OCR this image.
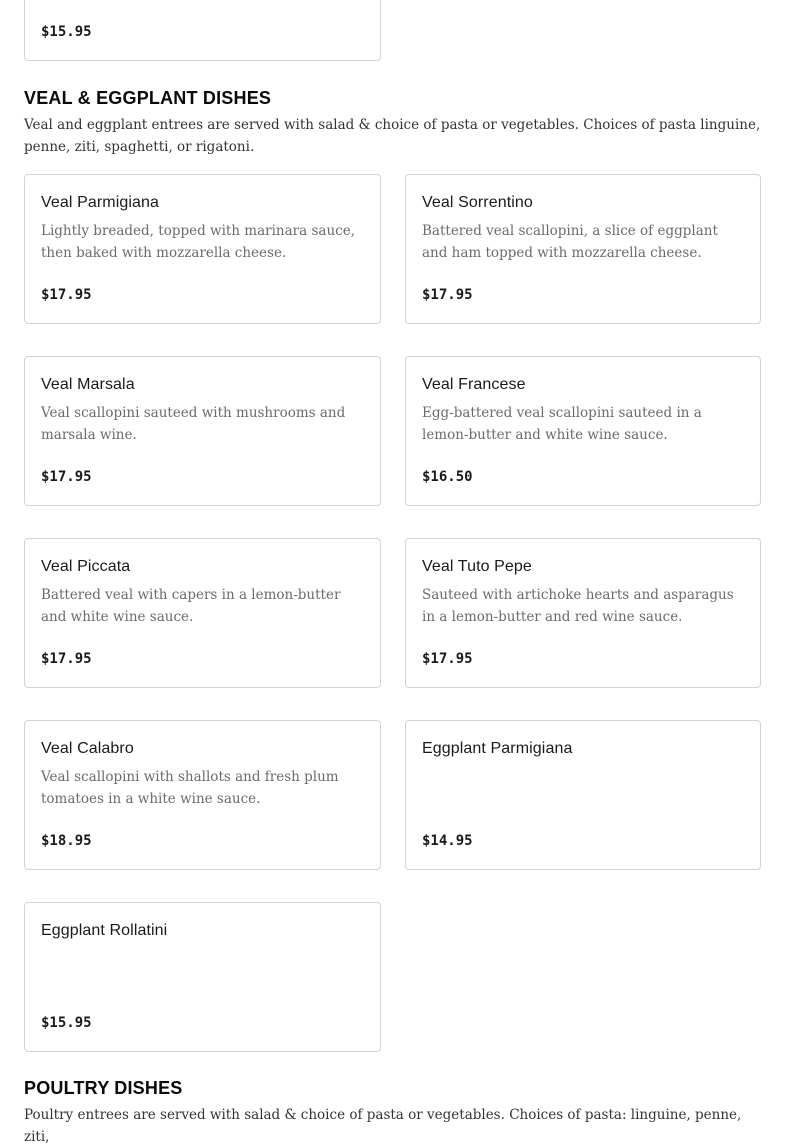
$15.95
VEAL & EGGPLANT DISHES

Veal and eggplant entrees are served with salad & choice of pasta or vegetables. Choices of pasta linguine, penne, ziti, spaghetti, or rigatoni.

Veal Parmigiana
Lightly breaded, topped with marinara sauce, then baked with mozzarella cheese.
$17.95
Veal Sorrentino
Battered veal scallopini, a slice of eggplant and ham topped with mozzarella cheese.
$17.95
Veal Marsala
Veal scallopini sauteed with mushrooms and marsala wine.
$17.95
Veal Francese
Egg-battered veal scallopini sauteed in a lemon-butter and white wine sauce.
$16.50
Veal Piccata
Battered veal with capers in a lemon-butter and white wine sauce.
$17.95
Veal Tuto Pepe
Sauteed with artichoke hearts and asparagus in a lemon-butter and red wine sauce.
$17.95
Veal Calabro
Veal scallopini with shallots and fresh plum tomatoes in a white wine sauce.
$18.95
Eggplant Parmigiana
$14.95
Eggplant Rollatini
$15.95
POULTRY DISHES

Poultry entrees are served with salad & choice of pasta or vegetables. Choices of pasta: linguine, penne, ziti,
